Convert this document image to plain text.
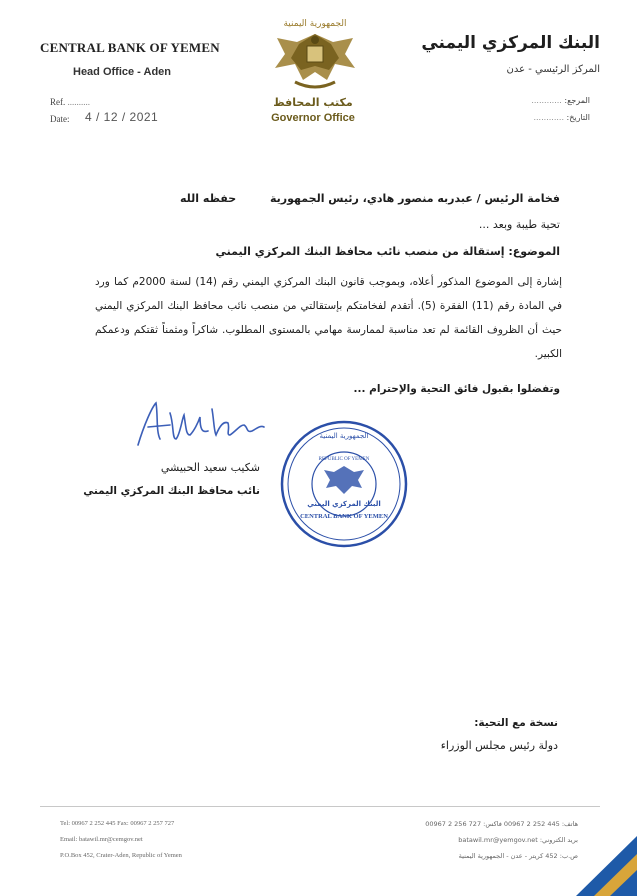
CENTRAL BANK OF YEMEN
Head Office - Aden
Ref. ..........
Date: 4 / 12 / 2021
الجمهورية اليمنية
مكتب المحافظ
Governor Office
البنك المركزي اليمني
المركز الرئيسي - عدن
المرجع: ............
التاريخ: ............
فخامة الرئيس / عبدربه منصور هادي، رئيس الجمهورية
حفظه الله
تحية طيبة وبعد ...
الموضوع: إستقالة من منصب نائب محافظ البنك المركزي اليمني
إشارة إلى الموضوع المذكور أعلاه، وبموجب قانون البنك المركزي اليمني رقم (14) لسنة 2000م كما ورد في المادة رقم (11) الفقرة (5). أتقدم لفخامتكم بإستقالتي من منصب نائب محافظ البنك المركزي اليمني حيث أن الظروف القائمة لم تعد مناسبة لممارسة مهامي بالمستوى المطلوب. شاكراً ومثمناً ثقتكم ودعمكم الكبير.
وتفضلوا بقبول فائق التحية والإحترام ...
شكيب سعيد الحبيشي
نائب محافظ البنك المركزي اليمني
الجمهورية اليمنية
REPUBLIC OF YEMEN
البنك المركزي اليمني
CENTRAL BANK OF YEMEN
نسخة مع التحية:
دولة رئيس مجلس الوزراء
Tel: 00967 2 252 445 Fax: 00967 2 257 727
Email: batawil.mr@cemgov.net
P.O.Box 452, Crater-Aden, Republic of Yemen
هاتف: 445 252 2 00967 فاكس: 727 256 2 00967
بريد الكتروني: batawil.mr@yemgov.net
ص.ب: 452 كريتر - عدن - الجمهورية اليمنية
